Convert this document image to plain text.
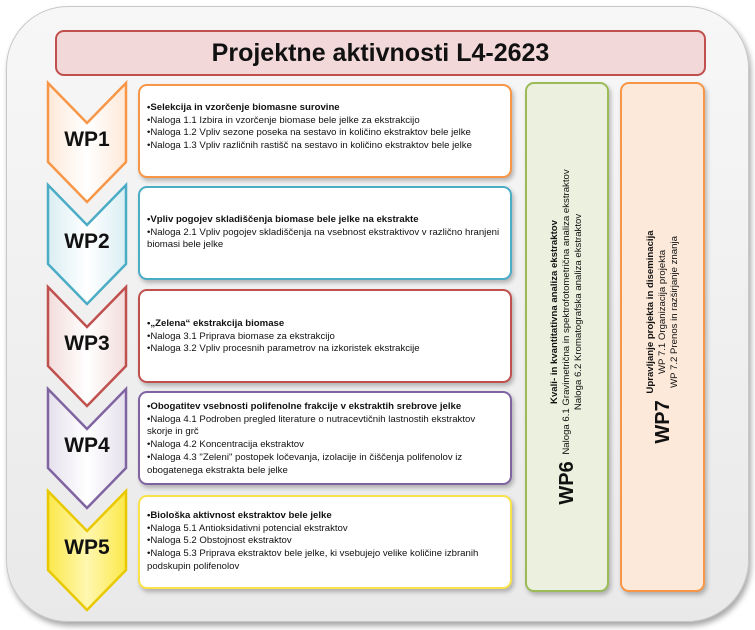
Projektne aktivnosti L4-2623
WP1
WP2
WP3
WP4
WP5
•Selekcija in vzorčenje biomasne surovine
•Naloga 1.1 Izbira in vzorčenje biomase bele jelke za ekstrakcijo
•Naloga 1.2 Vpliv sezone poseka na sestavo in količino ekstraktov bele jelke
•Naloga 1.3 Vpliv različnih rastišč na sestavo in količino ekstraktov bele jelke
•Vpliv pogojev skladiščenja biomase bele jelke na ekstrakte
•Naloga 2.1 Vpliv pogojev skladiščenja na vsebnost ekstraktivov v različno hranjeni biomasi bele jelke
•„Zelena“ ekstrakcija biomase
•Naloga 3.1 Priprava biomase za ekstrakcijo
•Naloga 3.2 Vpliv procesnih parametrov na izkoristek ekstrakcije
•Obogatitev vsebnosti polifenolne frakcije v ekstraktih srebrove jelke
•Naloga 4.1 Podroben pregled literature o nutracevtičnih lastnostih ekstraktov skorje in grč
•Naloga 4.2 Koncentracija ekstraktov
•Naloga 4.3 "Zeleni" postopek ločevanja, izolacije in čiščenja polifenolov iz obogatenega ekstrakta bele jelke
•Biološka aktivnost ekstraktov bele jelke
•Naloga 5.1 Antioksidativni potencial ekstraktov
•Naloga 5.2 Obstojnost ekstraktov
•Naloga 5.3 Priprava ekstraktov bele jelke, ki vsebujejo velike količine izbranih podskupin polifenolov
WP6 Kvali- in kvantitativna analiza ekstraktov
Naloga 6.1 Gravimetrična in spektrofotometrična analiza ekstraktov
Naloga 6.2 Kromatografska analiza ekstraktov
WP7 Upravljanje projekta in diseminacija
WP 7.1 Organizacija projekta
WP 7.2 Prenos in razširjanje znanja
